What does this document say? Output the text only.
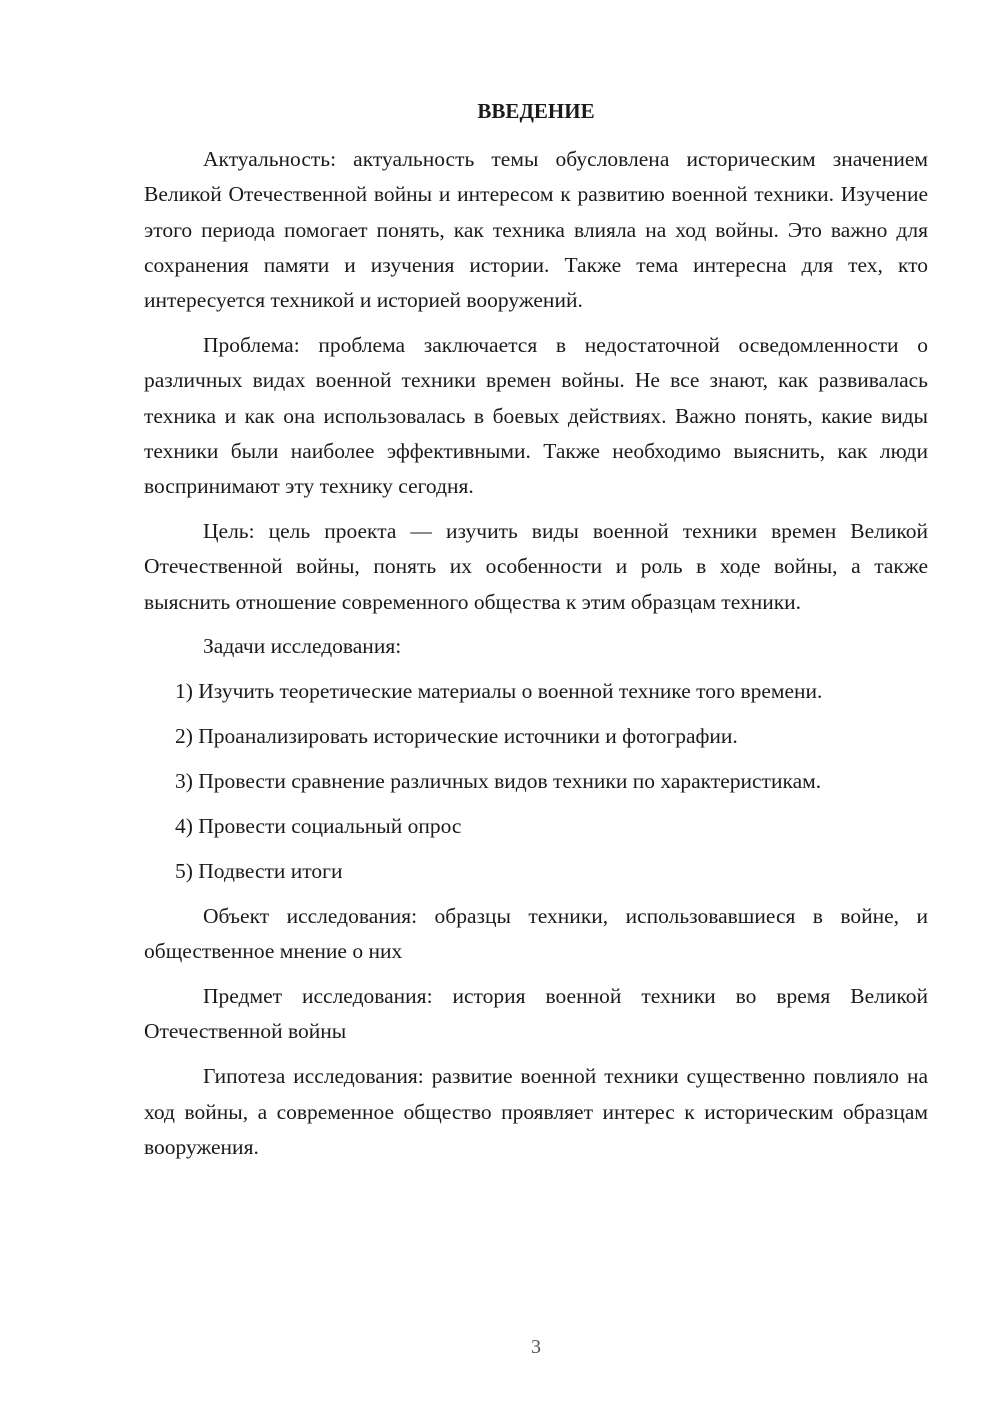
ВВЕДЕНИЕ

Актуальность: актуальность темы обусловлена историческим значением Великой Отечественной войны и интересом к развитию военной техники. Изучение этого периода помогает понять, как техника влияла на ход войны. Это важно для сохранения памяти и изучения истории. Также тема интересна для тех, кто интересуется техникой и историей вооружений.

Проблема: проблема заключается в недостаточной осведомленности о различных видах военной техники времен войны. Не все знают, как развивалась техника и как она использовалась в боевых действиях. Важно понять, какие виды техники были наиболее эффективными. Также необходимо выяснить, как люди воспринимают эту технику сегодня.

Цель: цель проекта — изучить виды военной техники времен Великой Отечественной войны, понять их особенности и роль в ходе войны, а также выяснить отношение современного общества к этим образцам техники.

Задачи исследования:

1) Изучить теоретические материалы о военной технике того времени.
2) Проанализировать исторические источники и фотографии.
3) Провести сравнение различных видов техники по характеристикам.
4) Провести социальный опрос
5) Подвести итоги

Объект исследования: образцы техники, использовавшиеся в войне, и общественное мнение о них

Предмет исследования: история военной техники во время Великой Отечественной войны

Гипотеза исследования: развитие военной техники существенно повлияло на ход войны, а современное общество проявляет интерес к историческим образцам вооружения.

3
